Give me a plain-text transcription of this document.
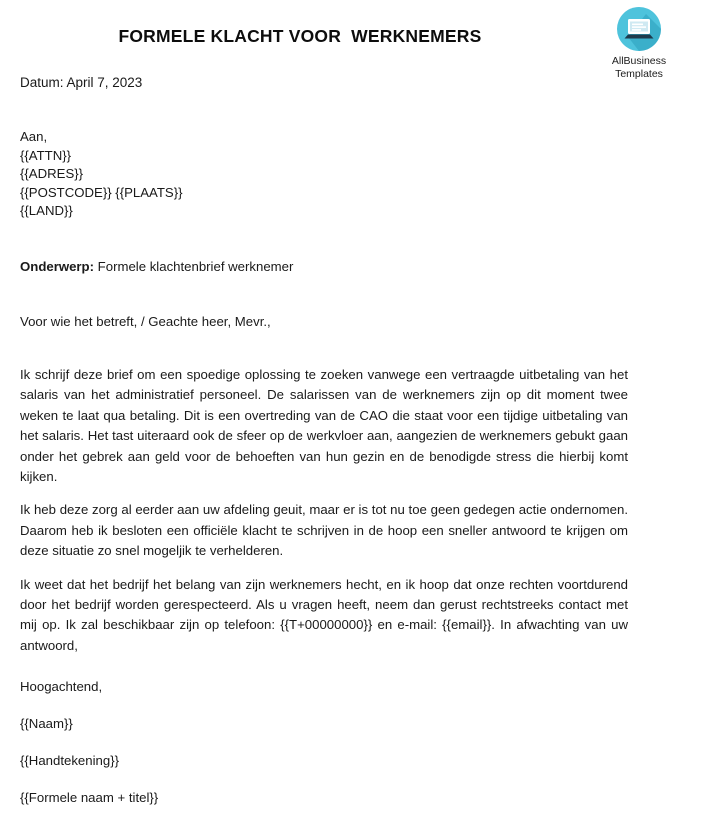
FORMELE KLACHT VOOR  WERKNEMERS
Datum: April 7, 2023
AllBusiness
Templates
Aan,
{{ATTN}}
{{ADRES}}
{{POSTCODE}} {{PLAATS}}
{{LAND}}
Onderwerp: Formele klachtenbrief werknemer
Voor wie het betreft, / Geachte heer, Mevr.,

Ik schrijf deze brief om een spoedige oplossing te zoeken vanwege een vertraagde uitbetaling van het salaris van het administratief personeel. De salarissen van de werknemers zijn op dit moment twee weken te laat qua betaling. Dit is een overtreding van de CAO die staat voor een tijdige uitbetaling van het salaris. Het tast uiteraard ook de sfeer op de werkvloer aan, aangezien de werknemers gebukt gaan onder het gebrek aan geld voor de behoeften van hun gezin en de benodigde stress die hierbij komt kijken.

Ik heb deze zorg al eerder aan uw afdeling geuit, maar er is tot nu toe geen gedegen actie ondernomen. Daarom heb ik besloten een officiële klacht te schrijven in de hoop een sneller antwoord te krijgen om deze situatie zo snel mogeljik te verhelderen.

Ik weet dat het bedrijf het belang van zijn werknemers hecht, en ik hoop dat onze rechten voortdurend door het bedrijf worden gerespecteerd. Als u vragen heeft, neem dan gerust rechtstreeks contact met mij op. Ik zal beschikbaar zijn op telefoon: {{T+00000000}} en e-mail: {{email}}. In afwachting van uw antwoord,

Hoogachtend,
{{Naam}}
{{Handtekening}}
{{Formele naam + titel}}
